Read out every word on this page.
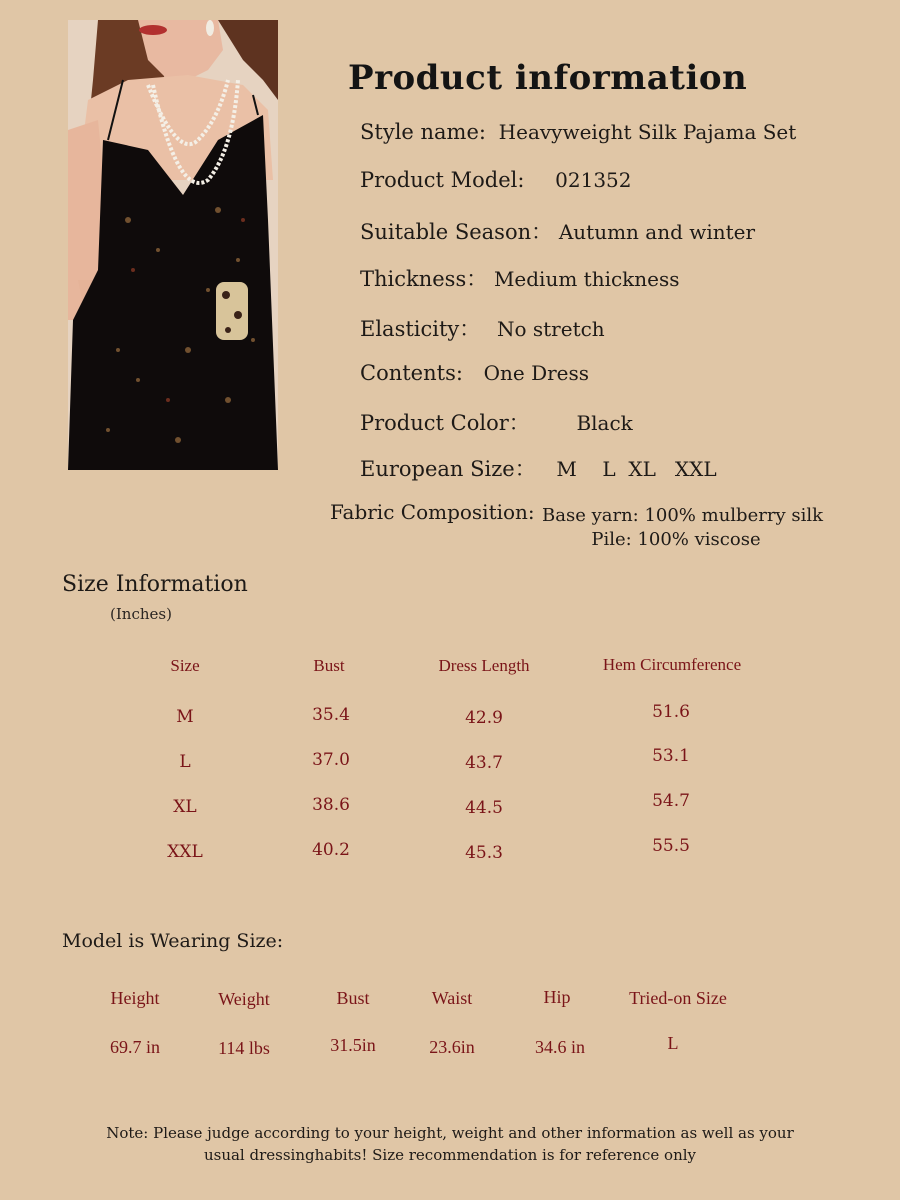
Product information
Style name: Heavyweight Silk Pajama Set
Product Model: 021352
Suitable Season： Autumn and winter
Thickness： Medium thickness
Elasticity： No stretch
Contents: One Dress
Product Color： Black
European Size： M    L  XL   XXL
Fabric Composition: Base yarn: 100% mulberry silk
Pile: 100% viscose
Size Information
(Inches)
Size	Bust	Dress Length	Hem Circumference
M	35.4	42.9	51.6
L	37.0	43.7	53.1
XL	38.6	44.5	54.7
XXL	40.2	45.3	55.5
Model is Wearing Size:
Height	Weight	Bust	Waist	Hip	Tried-on Size
69.7 in	114 lbs	31.5in	23.6in	34.6 in	L
Note: Please judge according to your height, weight and other information as well as your
usual dressinghabits! Size recommendation is for reference only
